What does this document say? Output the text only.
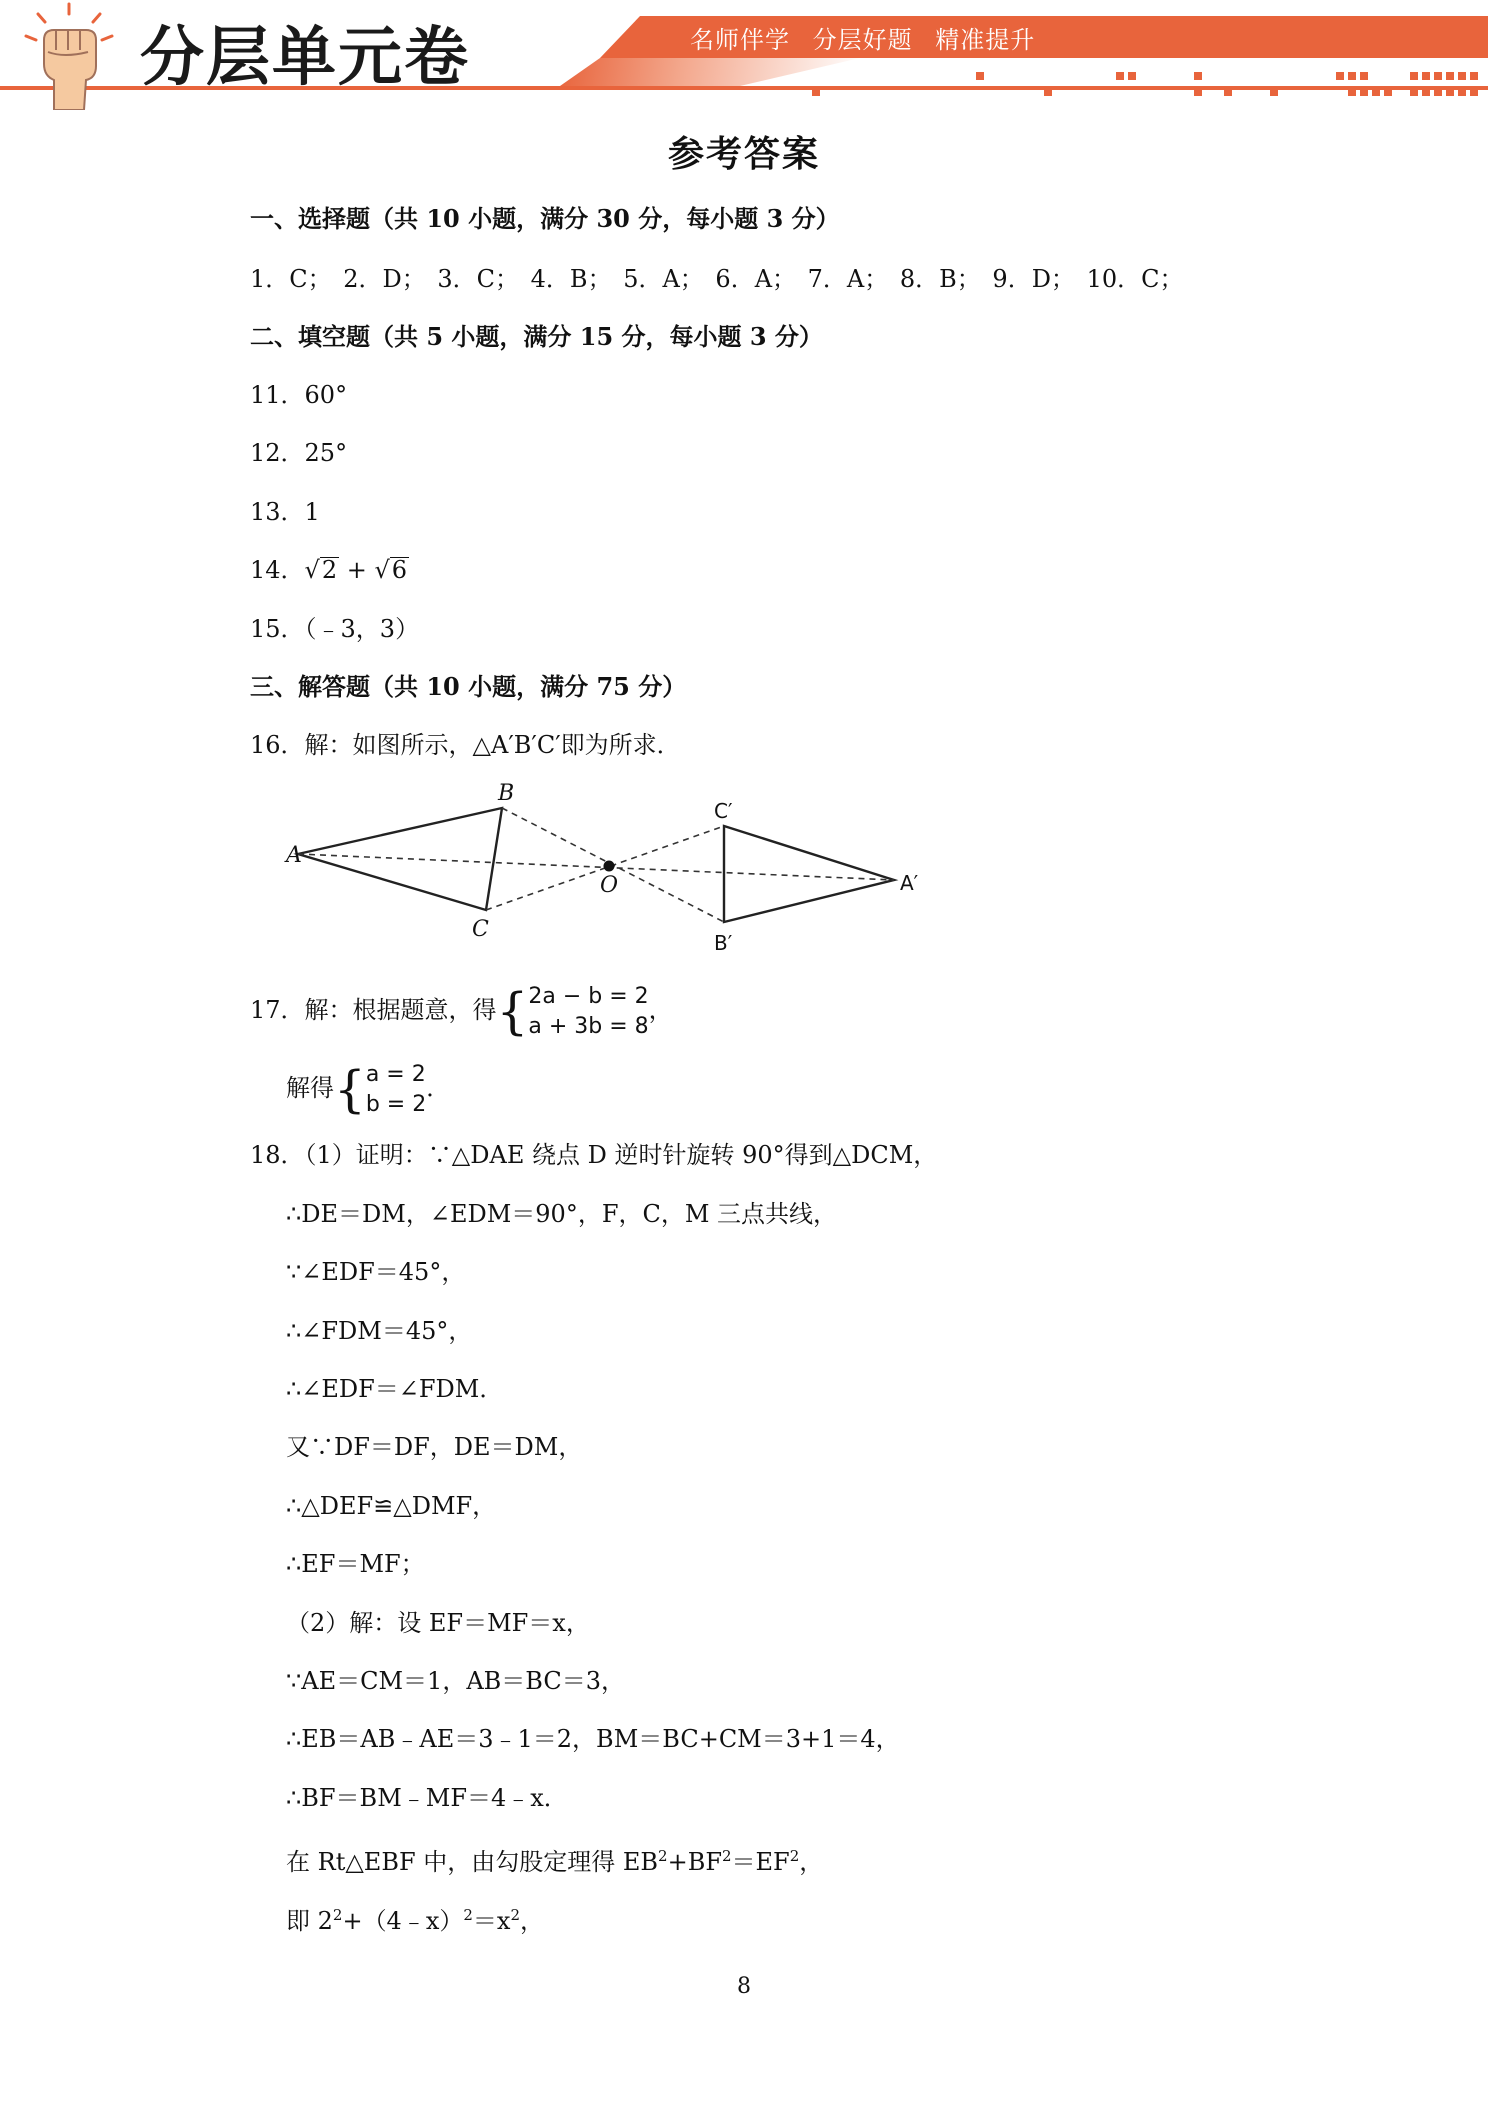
分层单元卷	名师伴学 分层好题 精准提升
参考答案
一、选择题（共 10 小题，满分 30 分，每小题 3 分）
1．C； 2．D； 3．C； 4．B； 5．A； 6．A； 7．A； 8．B； 9．D； 10．C；
二、填空题（共 5 小题，满分 15 分，每小题 3 分）
11．60°
12．25°
13．1
14．√2 + √6
15．（﹣3，3）
三、解答题（共 10 小题，满分 75 分）
16．解：如图所示，△A′B′C′即为所求．
A
B
C
O
C′
A′
B′
17．解：根据题意，得{ 2a − b = 2
a + 3b = 8
，
解得{ a = 2
b = 2
．
18．（1）证明：∵△DAE 绕点 D 逆时针旋转 90°得到△DCM，
∴DE＝DM，∠EDM＝90°，F，C，M 三点共线，
∵∠EDF＝45°，
∴∠FDM＝45°，
∴∠EDF＝∠FDM．
又∵DF＝DF，DE＝DM，
∴△DEF≌△DMF，
∴EF＝MF；
（2）解：设 EF＝MF＝x，
∵AE＝CM＝1，AB＝BC＝3，
∴EB＝AB﹣AE＝3﹣1＝2，BM＝BC+CM＝3+1＝4，
∴BF＝BM﹣MF＝4﹣x．
在 Rt△EBF 中，由勾股定理得 $EB^2+BF^2=EF^2$，
即 $2^2+(4﹣x)^2=x^2$，
8
